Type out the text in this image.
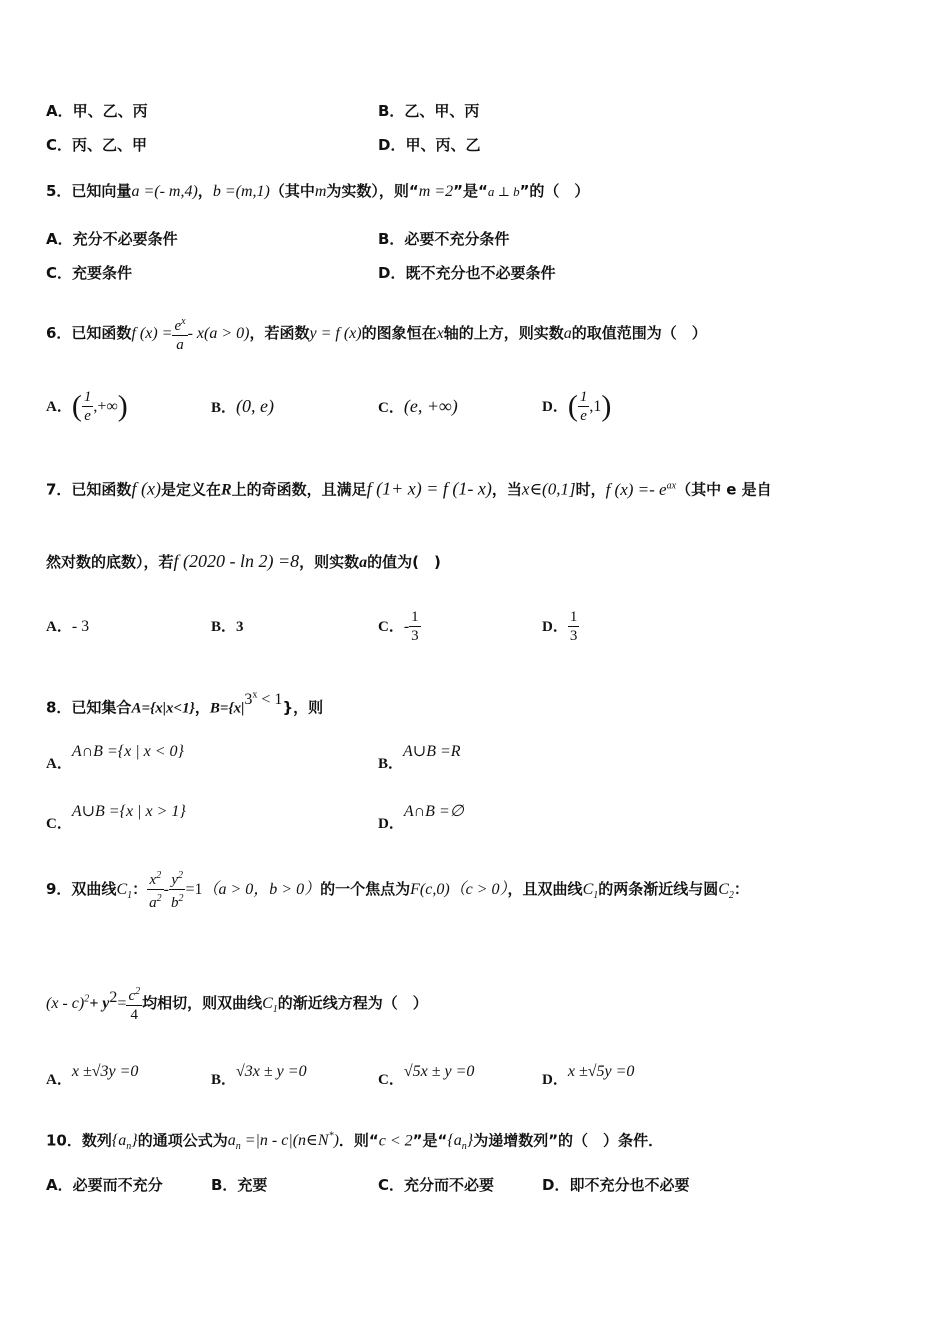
A．甲、乙、丙	B．乙、甲、丙
C．丙、乙、甲	D．甲、丙、乙
5．已知向量a =(- m,4)，b =(m,1)（其中m为实数），则“m =2”是“a ⊥ b”的（　）
A．充分不必要条件	B．必要不充分条件
C．充要条件	D．既不充分也不必要条件
6．已知函数f $(x) = \frac{e^x}{a} - x(a > 0)$，若函数y = f (x)的图象恒在x轴的上方，则实数a的取值范围为（　）
A．( $\frac{1}{e}$ ,+∞)	B．(0, e)	C．(e, +∞)	D．( $\frac{1}{e} ,1$)
7．已知函数f (x)是定义在R上的奇函数，且满足f (1+ x) = f (1- x)，当x∈(0,1]时，f $(x) =- e^{ax}$（其中 e 是自
然对数的底数），若f (2020 - ln 2) =8，则实数a的值为(　)
A．- 3	B．3	C．- $\frac{1}{3}$	D． $\frac{1}{3}$
8．已知集合A={x|x<1}，$B=\{x|3^x < 1\}$，则
A．A∩B ={x | x < 0}
B．A∪B =R
C．A∪B ={x | x > 1}
D．A∩B =∅
9．双曲线$C_1$： $\frac{x^2}{a^2} - \frac{y^2}{b^2} =1(a > 0$，b > 0）的一个焦点为F(c,0)（c > 0），且双曲线$C_1$的两条渐近线与圆$C_2$：
$(x - c)^2+ y^2= \frac{c^2}{4}$ 均相切，则双曲线$C_1$的渐近线方程为（　）
A．x ±√3y =0	B．√3x ± y =0	C．√5x ± y =0	D．x ±√5y =0
10．数列$\{a_n\}$的通项公式为$a_n =|n$ - c|(n∈N*)．则“c < 2”是“$\{a_n\}$为递增数列”的（　）条件．
A．必要而不充分	B．充要	C．充分而不必要	D．即不充分也不必要
